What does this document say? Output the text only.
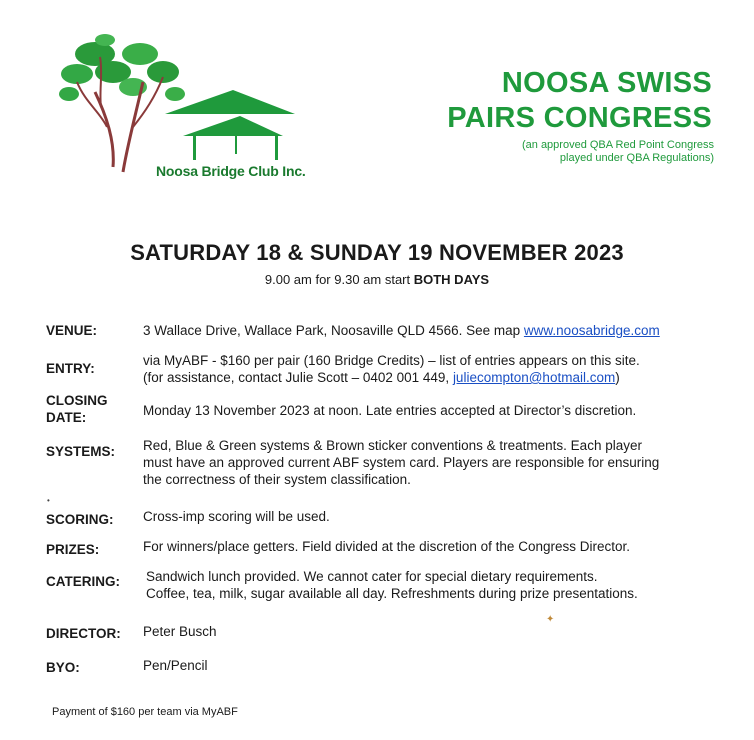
Noosa Bridge Club Inc.
NOOSA SWISS
PAIRS CONGRESS
(an approved QBA Red Point Congress
played under QBA Regulations)
SATURDAY 18 & SUNDAY 19 NOVEMBER 2023
9.00 am for 9.30 am start BOTH DAYS
VENUE:	3 Wallace Drive, Wallace Park, Noosaville QLD 4566. See map www.noosabridge.com
ENTRY:
via MyABF - $160 per pair (160 Bridge Credits) – list of entries appears on this site.
(for assistance, contact Julie Scott – 0402 001 449, juliecompton@hotmail.com)
CLOSING
DATE:	Monday 13 November 2023 at noon. Late entries accepted at Director’s discretion.
SYSTEMS:	Red, Blue & Green systems & Brown sticker conventions & treatments. Each player
must have an approved current ABF system card. Players are responsible for ensuring
the correctness of their system classification.
•
SCORING:	Cross-imp scoring will be used.
PRIZES:	For winners/place getters. Field divided at the discretion of the Congress Director.
CATERING:	Sandwich lunch provided. We cannot cater for special dietary requirements.
Coffee, tea, milk, sugar available all day. Refreshments during prize presentations.
✦
DIRECTOR:	Peter Busch
BYO:	Pen/Pencil
Payment of $160 per team via MyABF
